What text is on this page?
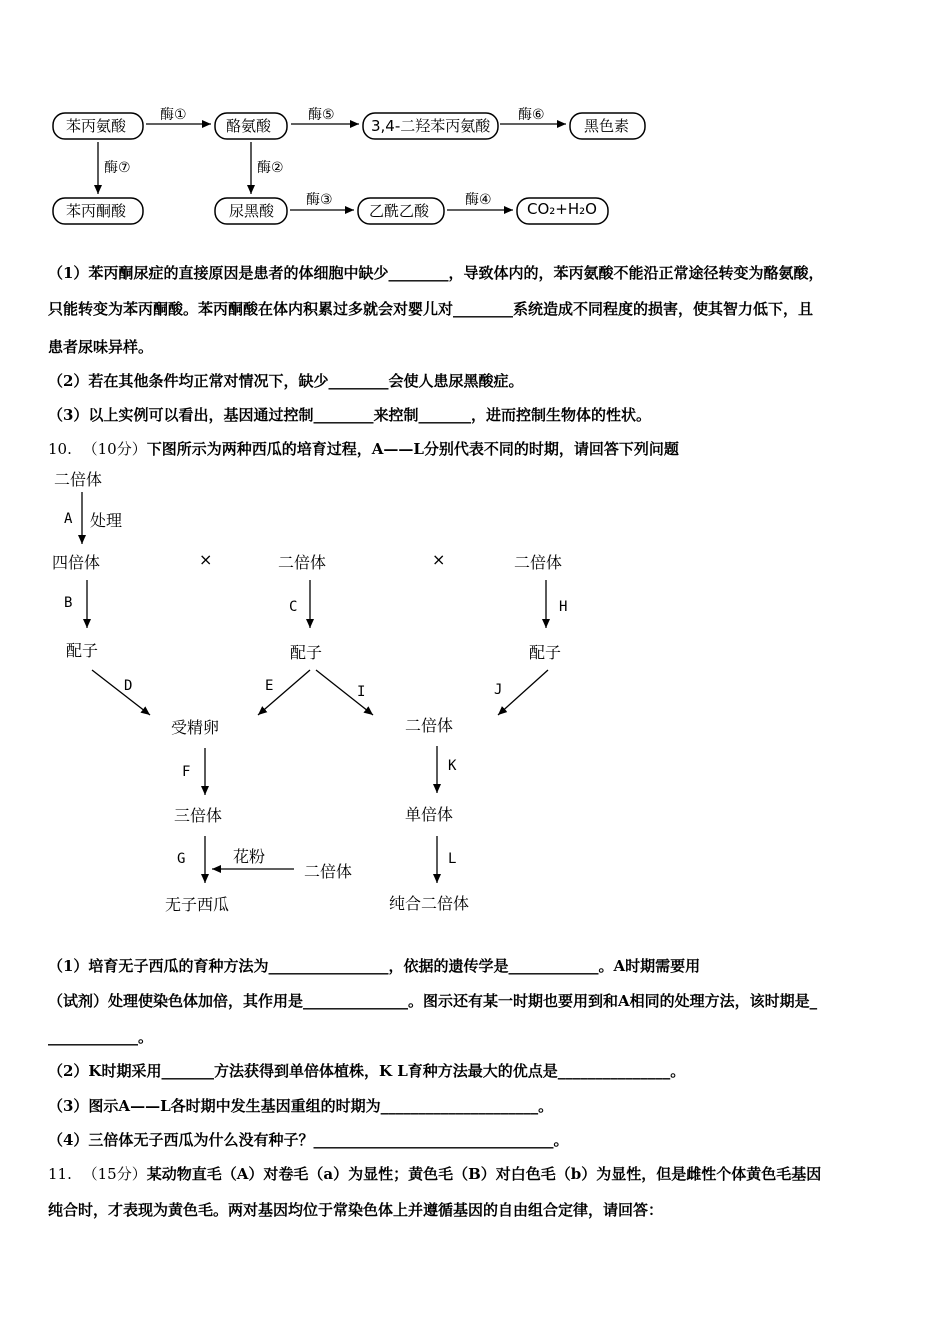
苯丙氨酸	酪氨酸	3,4-二羟苯丙氨酸	黑色素
苯丙酮酸	尿黑酸	乙酰乙酸	CO₂+H₂O
酶①	酶⑤	酶⑥
酶⑦	酶②
酶③	酶④
（1）苯丙酮尿症的直接原因是患者的体细胞中缺少________，导致体内的，苯丙氨酸不能沿正常途径转变为酪氨酸，
只能转变为苯丙酮酸。苯丙酮酸在体内积累过多就会对婴儿对________系统造成不同程度的损害，使其智力低下，且
患者尿味异样。
（2）若在其他条件均正常对情况下，缺少________会使人患尿黑酸症。
（3）以上实例可以看出，基因通过控制________来控制_______，进而控制生物体的性状。
10. （10分）下图所示为两种西瓜的培育过程，A——L分别代表不同的时期，请回答下列问题
二倍体
A 处理
四倍体	×	二倍体	×	二倍体
B	C	H
配子	配子	配子
D	E	I	J
受精卵	二倍体
F	K
三倍体	单倍体
G	花粉
二倍体
L
无子西瓜	纯合二倍体
（1）培育无子西瓜的育种方法为________________，依据的遗传学是____________。A时期需要用
（试剂）处理使染色体加倍，其作用是______________。图示还有某一时期也要用到和A相同的处理方法，该时期是_
____________。
（2）K时期采用_______方法获得到单倍体植株，K L育种方法最大的优点是_______________。
（3）图示A——L各时期中发生基因重组的时期为_____________________。
（4）三倍体无子西瓜为什么没有种子？________________________________。
11. （15分）某动物直毛（A）对卷毛（a）为显性；黄色毛（B）对白色毛（b）为显性，但是雌性个体黄色毛基因
纯合时，才表现为黄色毛。两对基因均位于常染色体上并遵循基因的自由组合定律，请回答：
